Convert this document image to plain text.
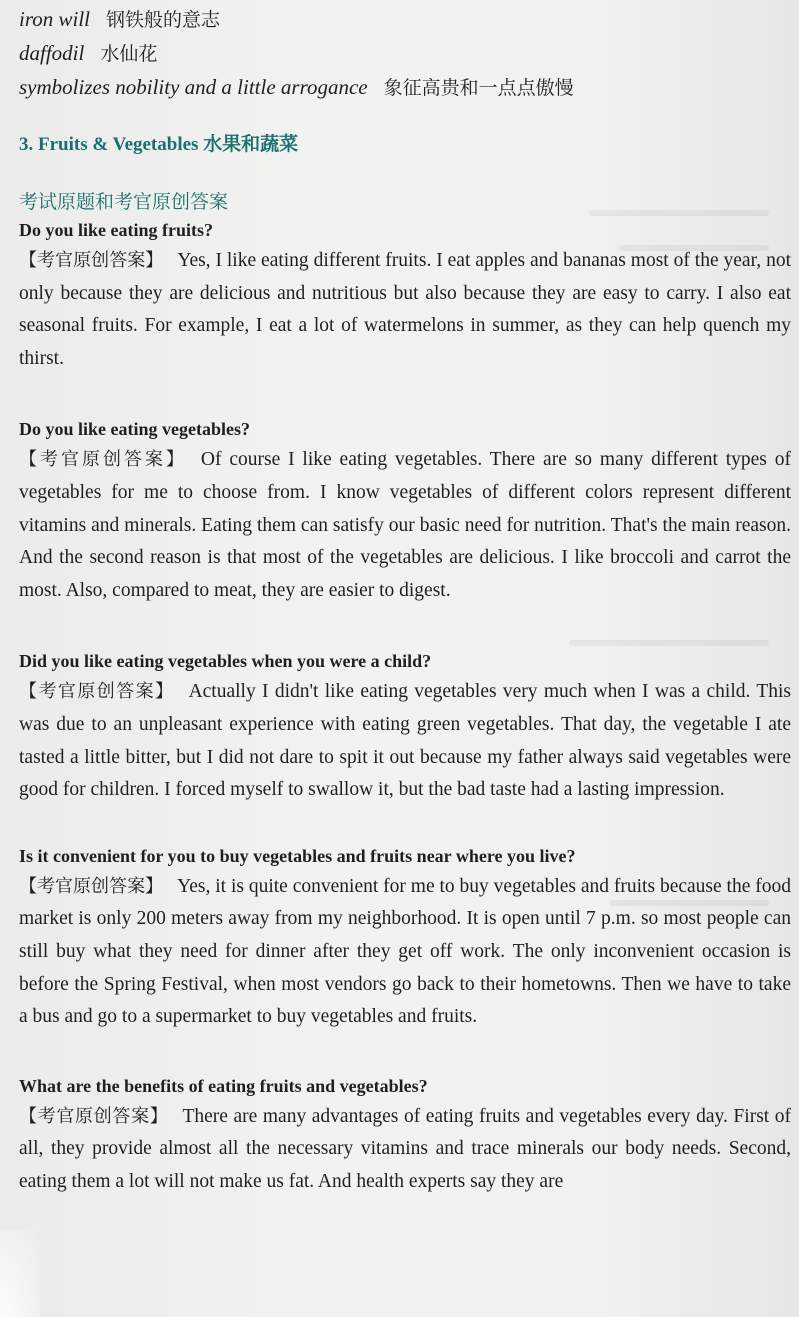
iron will 钢铁般的意志
daffodil 水仙花
symbolizes nobility and a little arrogance 象征高贵和一点点傲慢
3. Fruits & Vegetables 水果和蔬菜
考试原题和考官原创答案
Do you like eating fruits?
【考官原创答案】 Yes, I like eating different fruits. I eat apples and bananas most of the year, not only because they are delicious and nutritious but also because they are easy to carry. I also eat seasonal fruits. For example, I eat a lot of watermelons in summer, as they can help quench my thirst.
Do you like eating vegetables?
【考官原创答案】 Of course I like eating vegetables. There are so many different types of vegetables for me to choose from. I know vegetables of different colors represent different vitamins and minerals. Eating them can satisfy our basic need for nutrition. That's the main reason. And the second reason is that most of the vegetables are delicious. I like broccoli and carrot the most. Also, compared to meat, they are easier to digest.
Did you like eating vegetables when you were a child?
【考官原创答案】 Actually I didn't like eating vegetables very much when I was a child. This was due to an unpleasant experience with eating green vegetables. That day, the vegetable I ate tasted a little bitter, but I did not dare to spit it out because my father always said vegetables were good for children. I forced myself to swallow it, but the bad taste had a lasting impression.
Is it convenient for you to buy vegetables and fruits near where you live?
【考官原创答案】 Yes, it is quite convenient for me to buy vegetables and fruits because the food market is only 200 meters away from my neighborhood. It is open until 7 p.m. so most people can still buy what they need for dinner after they get off work. The only inconvenient occasion is before the Spring Festival, when most vendors go back to their hometowns. Then we have to take a bus and go to a supermarket to buy vegetables and fruits.
What are the benefits of eating fruits and vegetables?
【考官原创答案】 There are many advantages of eating fruits and vegetables every day. First of all, they provide almost all the necessary vitamins and trace minerals our body needs. Second, eating them a lot will not make us fat. And health experts say they are
